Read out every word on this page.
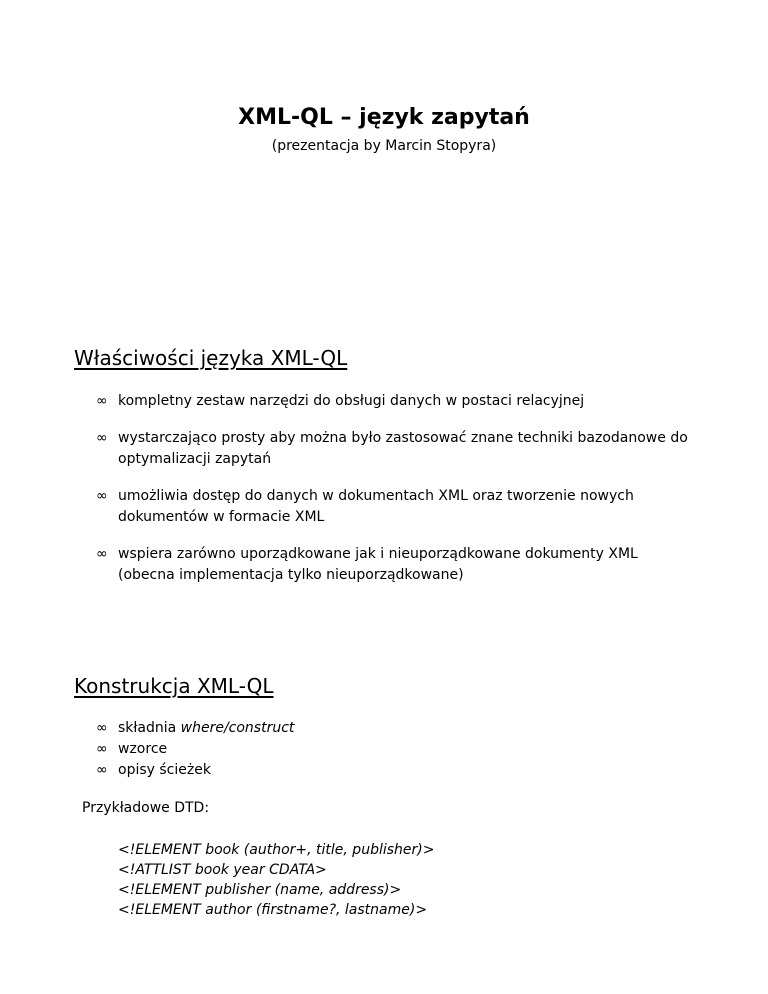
XML-QL – język zapytań

(prezentacja by Marcin Stopyra)

Właściwości języka XML-QL
∞ kompletny zestaw narzędzi do obsługi danych w postaci relacyjnej
∞ wystarczająco prosty aby można było zastosować znane techniki bazodanowe do optymalizacji zapytań
∞ umożliwia dostęp do danych w dokumentach XML oraz tworzenie nowych dokumentów w formacie XML
∞ wspiera zarówno uporządkowane jak i nieuporządkowane dokumenty XML (obecna implementacja tylko nieuporządkowane)
Konstrukcja XML-QL
∞ składnia where/construct
∞ wzorce
∞ opisy ścieżek

Przykładowe DTD:

<!ELEMENT book (author+, title, publisher)>
<!ATTLIST book year CDATA>
<!ELEMENT publisher (name, address)>
<!ELEMENT author (firstname?, lastname)>
